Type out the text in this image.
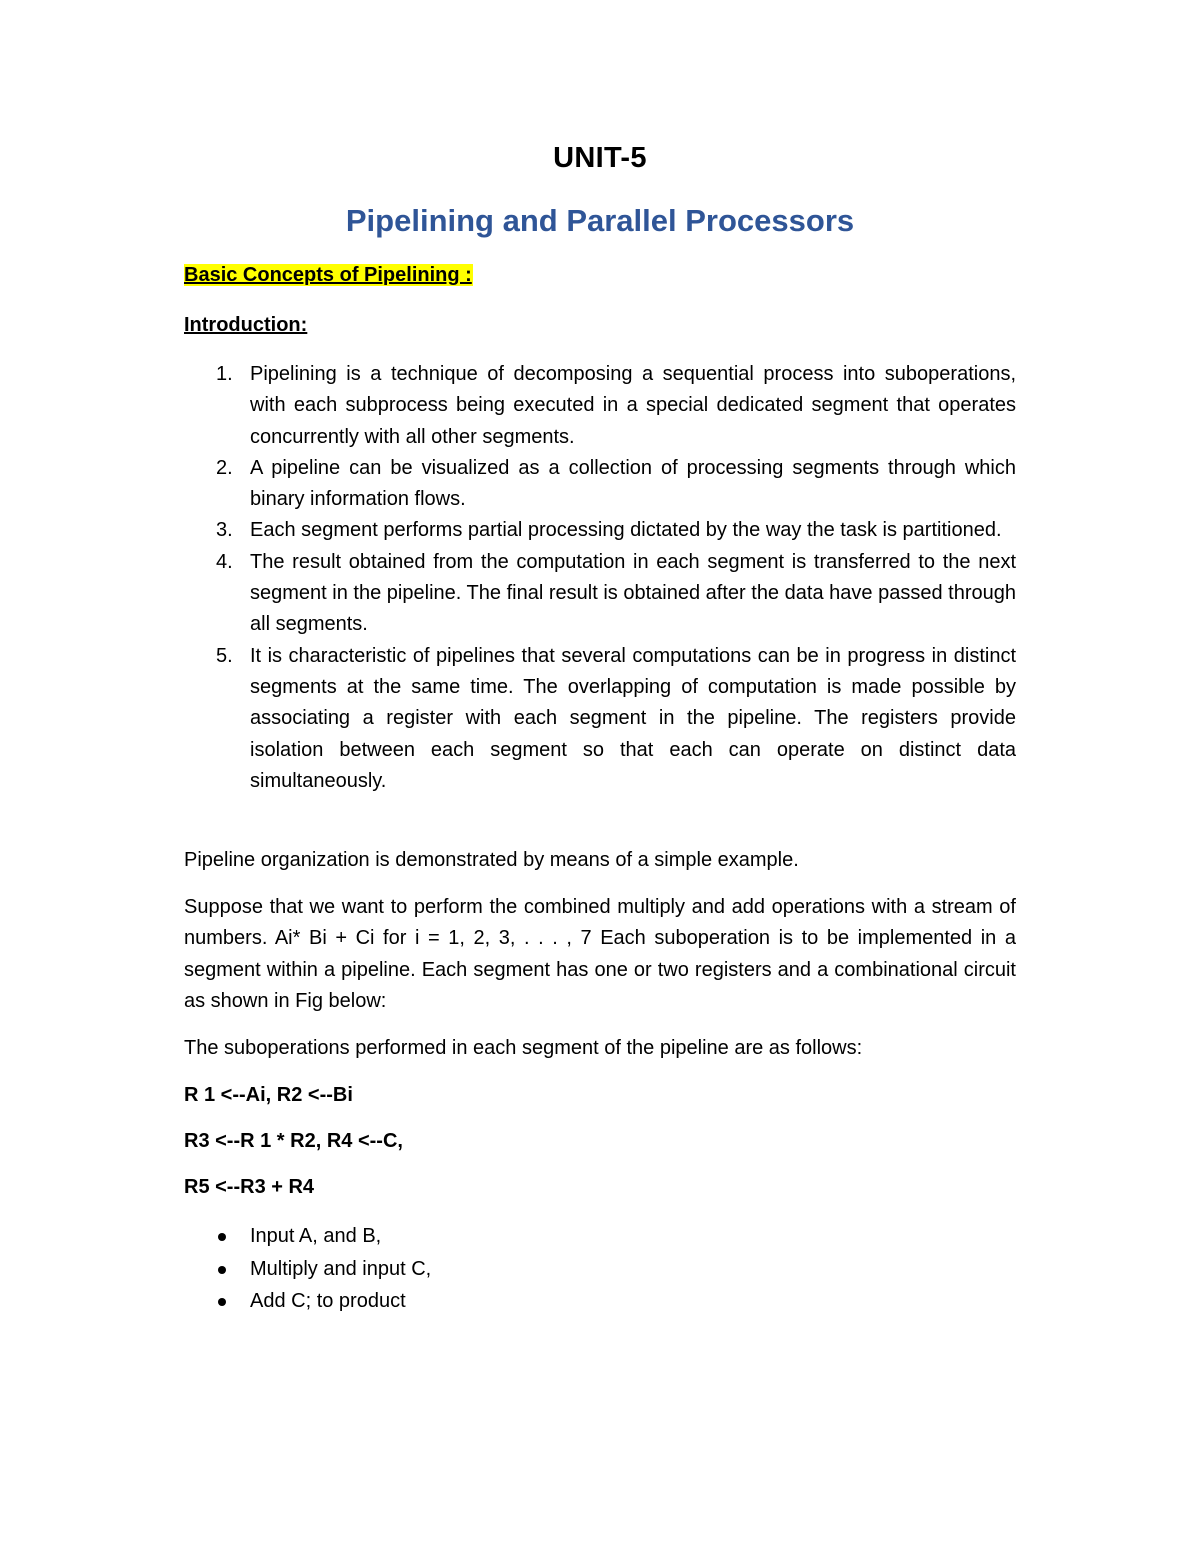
UNIT-5
Pipelining and Parallel Processors
Basic Concepts of Pipelining :
Introduction:
1. Pipelining is a technique of decomposing a sequential process into suboperations, with each subprocess being executed in a special dedicated segment that operates concurrently with all other segments.
2. A pipeline can be visualized as a collection of processing segments through which binary information flows.
3. Each segment performs partial processing dictated by the way the task is partitioned.
4. The result obtained from the computation in each segment is transferred to the next segment in the pipeline. The final result is obtained after the data have passed through all segments.
5. It is characteristic of pipelines that several computations can be in progress in distinct segments at the same time. The overlapping of computation is made possible by associating a register with each segment in the pipeline. The registers provide isolation between each segment so that each can operate on distinct data simultaneously.

Pipeline organization is demonstrated by means of a simple example.

Suppose that we want to perform the combined multiply and add operations with a stream of numbers. Ai* Bi + Ci for i = 1, 2, 3, . . . , 7 Each suboperation is to be implemented in a segment within a pipeline. Each segment has one or two registers and a combinational circuit as shown in Fig below:

The suboperations performed in each segment of the pipeline are as follows:

R 1 <--Ai, R2 <--Bi
R3 <--R 1 * R2, R4 <--C,
R5 <--R3 + R4
Input A, and B,
Multiply and input C,
Add C; to product
